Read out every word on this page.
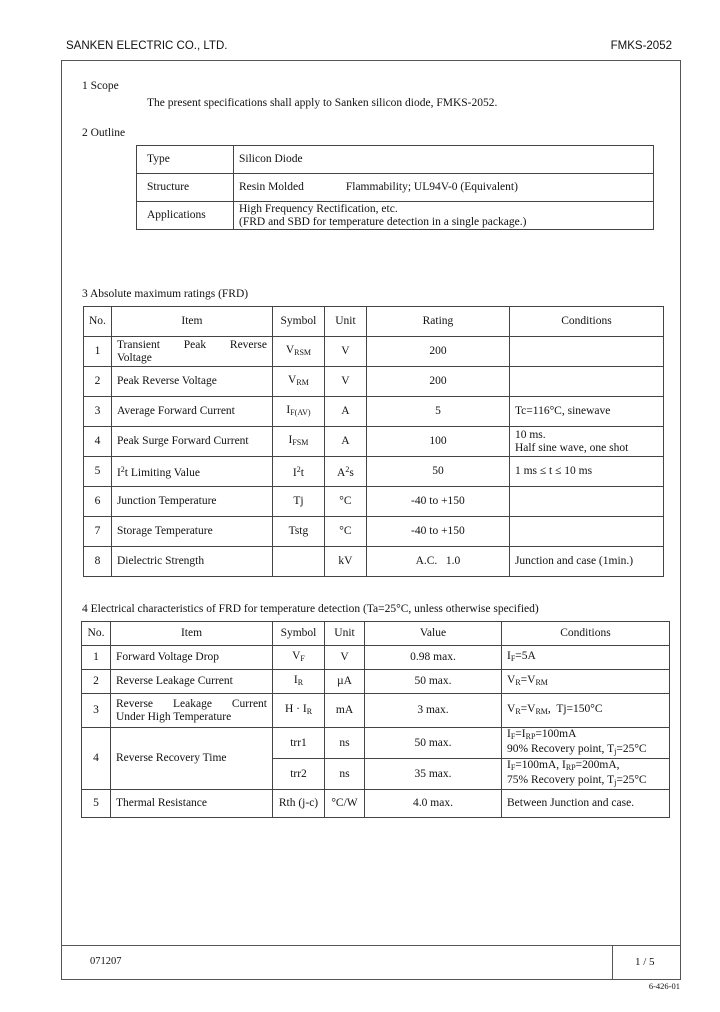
SANKEN ELECTRIC CO., LTD.	FMKS-2052
071207	1 / 5
6-426-01
1 Scope
The present specifications shall apply to Sanken silicon diode, FMKS-2052.
2 Outline
Type	Silicon Diode
Structure	Resin Molded Flammability; UL94V-0 (Equivalent)
Applications	High Frequency Rectification, etc.
(FRD and SBD for temperature detection in a single package.)
3 Absolute maximum ratings (FRD)
No.	Item	Symbol	Unit	Rating	Conditions
1	Transient Peak Reverse
Voltage	$V_{RSM}$	V	200	
2	Peak Reverse Voltage	$V_{RM}$	V	200	
3	Average Forward Current	$I_{F(AV)}$	A	5	Tc=116°C, sinewave
4	Peak Surge Forward Current	$I_{FSM}$	A	100	10 ms.
Half sine wave, one shot

5	$I^2t$ Limiting Value	$I^2t$	$A^2s$	50	1 ms ≤ t ≤ 10 ms
6	Junction Temperature	Tj	°C	-40 to +150	
7	Storage Temperature	Tstg	°C	-40 to +150	
8	Dielectric Strength		kV	A.C.   1.0	Junction and case (1min.)
4 Electrical characteristics of FRD for temperature detection (Ta=25°C, unless otherwise specified)
No.	Item	Symbol	Unit	Value	Conditions
1	Forward Voltage Drop	$V_F$	V	0.98 max.	$I_F=5A$
2	Reverse Leakage Current	$I_R$	µA	50 max.	$V_R=V_{RM}$
3	Reverse Leakage Current
Under High Temperature	$H \cdot I_R$	mA	3 max.	$V_R=V_{RM}$,  Tj=150°C
4	Reverse Recovery Time	trr1	ns	50 max.	$I_F=I_{RP}=100mA$
90% Recovery point, $T_j=25^\circ C$

		trr2	ns	35 max.	$I_F=100mA$, $I_{RP}=200mA$,
75% Recovery point, $T_j=25^\circ C$

5	Thermal Resistance	Rth (j-c)	°C/W	4.0 max.	Between Junction and case.
